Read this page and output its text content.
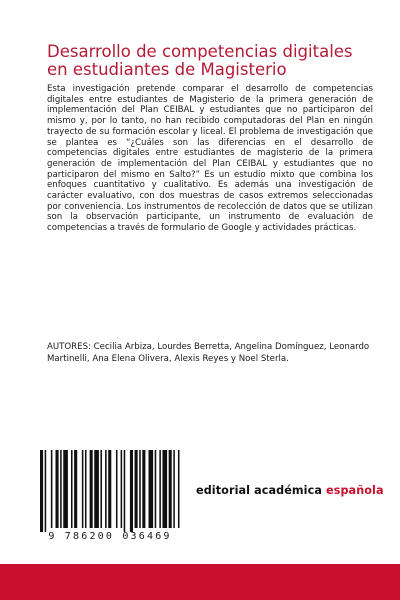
Desarrollo de competencias digitales en estudiantes de Magisterio

Esta investigación pretende comparar el desarrollo de competencias digitales entre estudiantes de Magisterio de la primera generación de implementación del Plan CEIBAL y estudiantes que no participaron del mismo y, por lo tanto, no han recibido computadoras del Plan en ningún trayecto de su formación escolar y liceal. El problema de investigación que se plantea es “¿Cuáles son las diferencias en el desarrollo de competencias digitales entre estudiantes de magisterio de la primera generación de implementación del Plan CEIBAL y estudiantes que no participaron del mismo en Salto?” Es un estudio mixto que combina los enfoques cuantitativo y cualitativo. Es además una investigación de carácter evaluativo, con dos muestras de casos extremos seleccionadas por conveniencia. Los instrumentos de recolección de datos que se utilizan son la observación participante, un instrumento de evaluación de competencias a través de formulario de Google y actividades prácticas.

AUTORES: Cecilia Arbiza, Lourdes Berretta, Angelina Domínguez, Leonardo Martinelli, Ana Elena Olivera, Alexis Reyes y Noel Sterla.

9 786200 036469
editorial académica española
